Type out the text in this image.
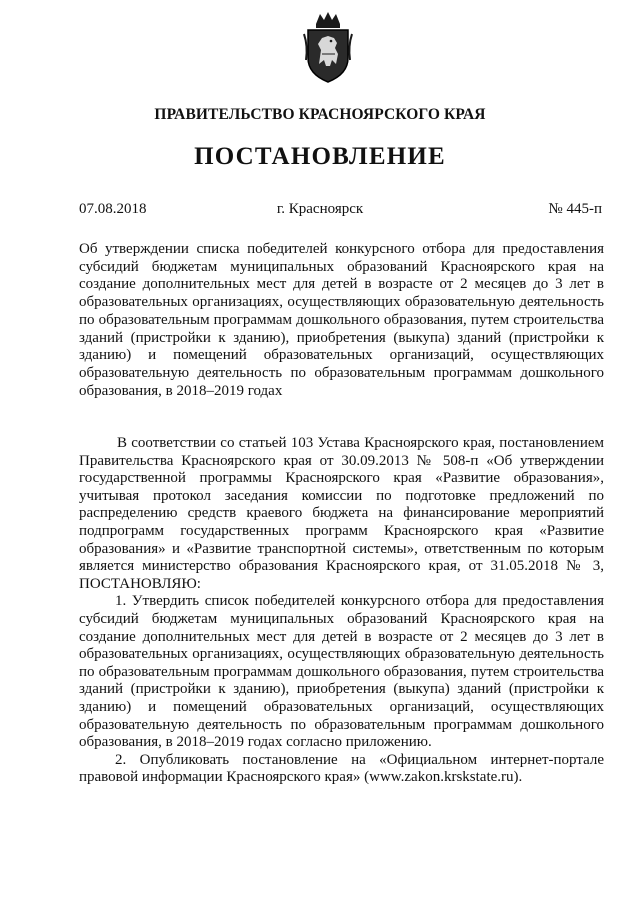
ПРАВИТЕЛЬСТВО КРАСНОЯРСКОГО КРАЯ
ПОСТАНОВЛЕНИЕ
07.08.2018	г. Красноярск	№ 445-п
Об утверждении списка победителей конкурсного отбора для предоставления субсидий бюджетам муниципальных образований Красноярского края на создание дополнительных мест для детей в возрасте от 2 месяцев до 3 лет в образовательных организациях, осуществляющих образовательную деятельность по образовательным программам дошкольного образования, путем строительства зданий (пристройки к зданию), приобретения (выкупа) зданий (пристройки к зданию) и помещений образовательных организаций, осуществляющих образовательную деятельность по образовательным программам дошкольного образования, в 2018–2019 годах

В соответствии со статьей 103 Устава Красноярского края, постановлением Правительства Красноярского края от 30.09.2013 № 508-п «Об утверждении государственной программы Красноярского края «Развитие образования», учитывая протокол заседания комиссии по подготовке предложений по распределению средств краевого бюджета на финансирование мероприятий подпрограмм государственных программ Красноярского края «Развитие образования» и «Развитие транспортной системы», ответственным по которым является министерство образования Красноярского края, от 31.05.2018 № 3, ПОСТАНОВЛЯЮ:

1. Утвердить список победителей конкурсного отбора для предоставления субсидий бюджетам муниципальных образований Красноярского края на создание дополнительных мест для детей в возрасте от 2 месяцев до 3 лет в образовательных организациях, осуществляющих образовательную деятельность по образовательным программам дошкольного образования, путем строительства зданий (пристройки к зданию), приобретения (выкупа) зданий (пристройки к зданию) и помещений образовательных организаций, осуществляющих образовательную деятельность по образовательным программам дошкольного образования, в 2018–2019 годах согласно приложению.

2. Опубликовать постановление на «Официальном интернет-портале правовой информации Красноярского края» (www.zakon.krskstate.ru).
